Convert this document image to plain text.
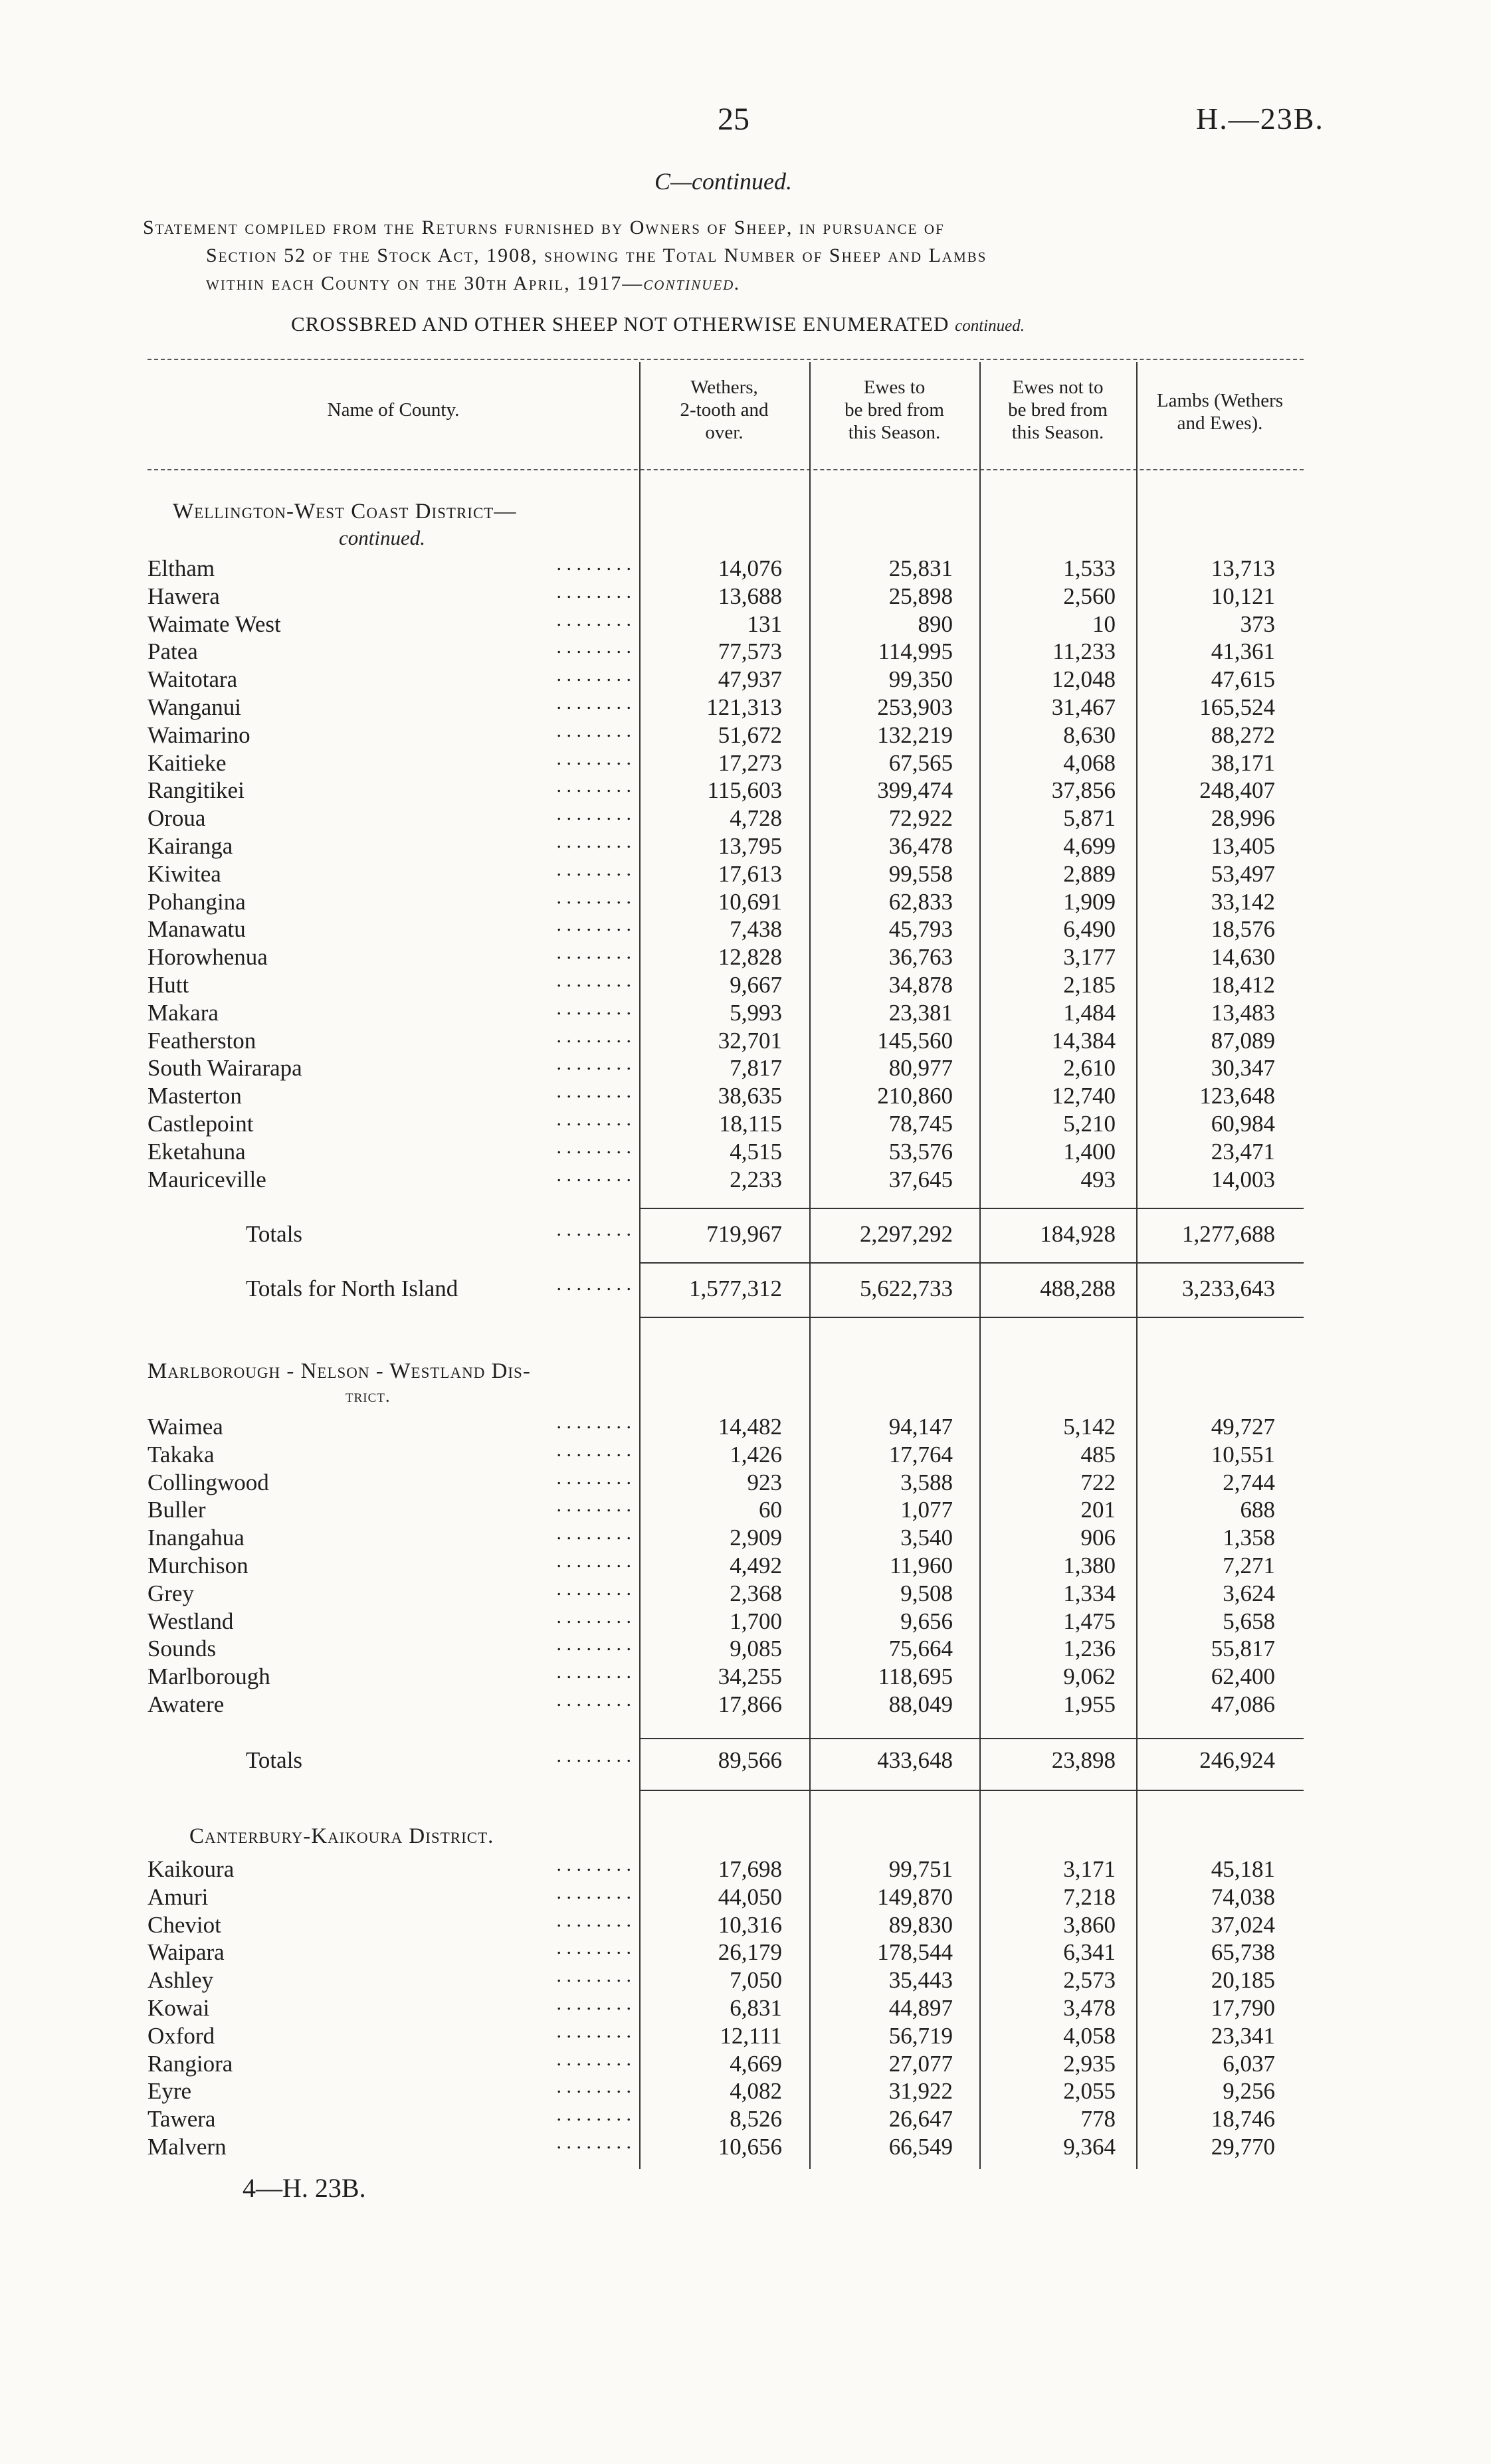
25	H.—23B.
C—continued.
Statement compiled from the Returns furnished by Owners of Sheep, in pursuance of
Section 52 of the Stock Act, 1908, showing the Total Number of Sheep and Lambs
within each County on the 30th April, 1917—continued.
CROSSBRED AND OTHER SHEEP NOT OTHERWISE ENUMERATED continued.
Name of County.
Wethers,
2-tooth and
over.
Ewes to
be bred from
this Season.
Ewes not to
be bred from
this Season.
Lambs (Wethers
and Ewes).
Wellington-West Coast District—
continued.
Eltham	. . . . . . . .	14,076	25,831	1,533	13,713
Hawera	. . . . . . . .	13,688	25,898	2,560	10,121
Waimate West	. . . . . . . .	131	890	10	373
Patea	. . . . . . . .	77,573	114,995	11,233	41,361
Waitotara	. . . . . . . .	47,937	99,350	12,048	47,615
Wanganui	. . . . . . . .	121,313	253,903	31,467	165,524
Waimarino	. . . . . . . .	51,672	132,219	8,630	88,272
Kaitieke	. . . . . . . .	17,273	67,565	4,068	38,171
Rangitikei	. . . . . . . .	115,603	399,474	37,856	248,407
Oroua	. . . . . . . .	4,728	72,922	5,871	28,996
Kairanga	. . . . . . . .	13,795	36,478	4,699	13,405
Kiwitea	. . . . . . . .	17,613	99,558	2,889	53,497
Pohangina	. . . . . . . .	10,691	62,833	1,909	33,142
Manawatu	. . . . . . . .	7,438	45,793	6,490	18,576
Horowhenua	. . . . . . . .	12,828	36,763	3,177	14,630
Hutt	. . . . . . . .	9,667	34,878	2,185	18,412
Makara	. . . . . . . .	5,993	23,381	1,484	13,483
Featherston	. . . . . . . .	32,701	145,560	14,384	87,089
South Wairarapa	. . . . . . . .	7,817	80,977	2,610	30,347
Masterton	. . . . . . . .	38,635	210,860	12,740	123,648
Castlepoint	. . . . . . . .	18,115	78,745	5,210	60,984
Eketahuna	. . . . . . . .	4,515	53,576	1,400	23,471
Mauriceville	. . . . . . . .	2,233	37,645	493	14,003
Totals	. . . . . . . .	719,967	2,297,292	184,928	1,277,688
Totals for North Island	. . . . . . . . 1,577,312	5,622,733	488,288	3,233,643
Marlborough - Nelson - Westland Dis-
trict.
Waimea	. . . . . . . .	14,482	94,147	5,142	49,727
Takaka	. . . . . . . .	1,426	17,764	485	10,551
Collingwood	. . . . . . . .	923	3,588	722	2,744
Buller	. . . . . . . .	60	1,077	201	688
Inangahua	. . . . . . . .	2,909	3,540	906	1,358
Murchison	. . . . . . . .	4,492	11,960	1,380	7,271
Grey	. . . . . . . .	2,368	9,508	1,334	3,624
Westland	. . . . . . . .	1,700	9,656	1,475	5,658
Sounds	. . . . . . . .	9,085	75,664	1,236	55,817
Marlborough	. . . . . . . .	34,255	118,695	9,062	62,400
Awatere	. . . . . . . .	17,866	88,049	1,955	47,086
Totals	. . . . . . . .	89,566	433,648	23,898	246,924
Canterbury-Kaikoura District.
Kaikoura	. . . . . . . .	17,698	99,751	3,171	45,181
Amuri	. . . . . . . .	44,050	149,870	7,218	74,038
Cheviot	. . . . . . . .	10,316	89,830	3,860	37,024
Waipara	. . . . . . . .	26,179	178,544	6,341	65,738
Ashley	. . . . . . . .	7,050	35,443	2,573	20,185
Kowai	. . . . . . . .	6,831	44,897	3,478	17,790
Oxford	. . . . . . . .	12,111	56,719	4,058	23,341
Rangiora	. . . . . . . .	4,669	27,077	2,935	6,037
Eyre	. . . . . . . .	4,082	31,922	2,055	9,256
Tawera	. . . . . . . .	8,526	26,647	778	18,746
Malvern	. . . . . . . .	10,656	66,549	9,364	29,770
4—H. 23B.
